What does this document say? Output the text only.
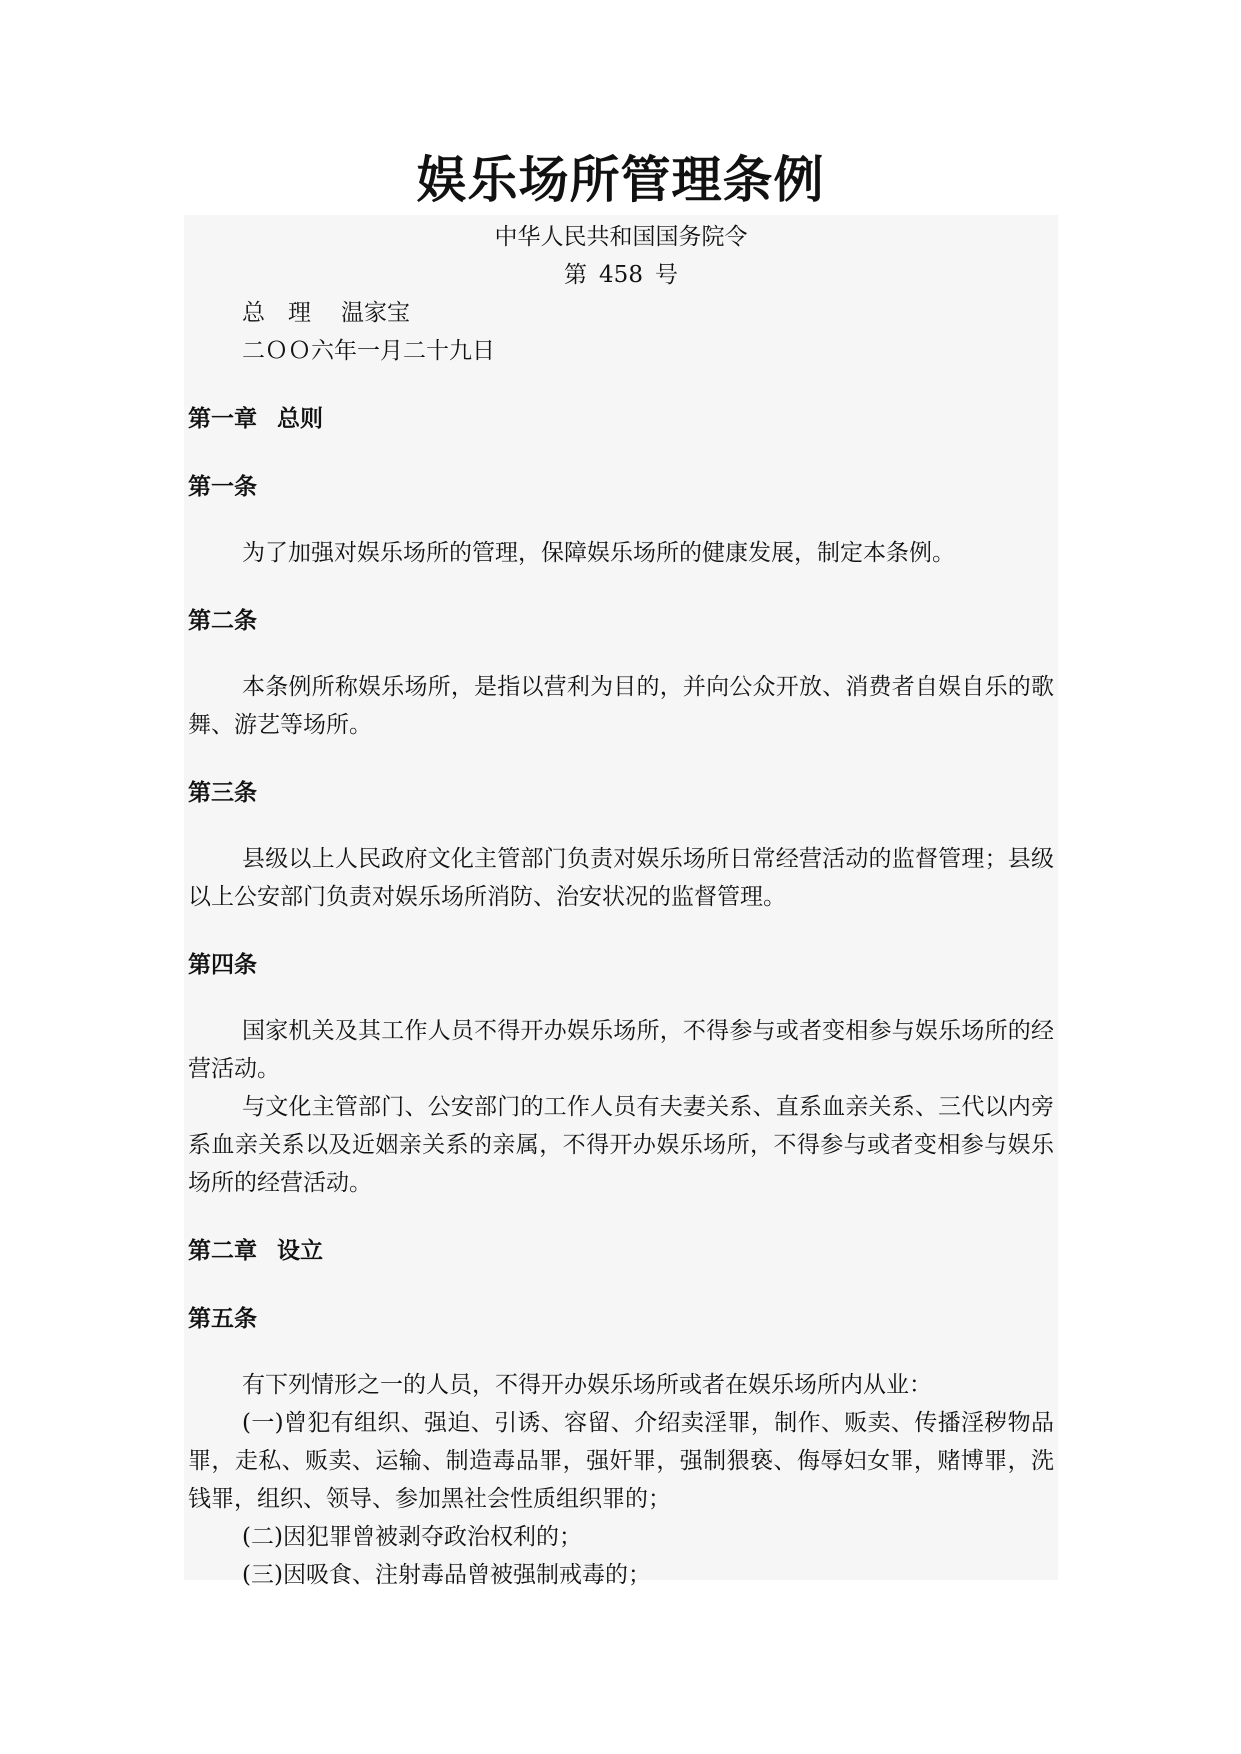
娱乐场所管理条例
中华人民共和国国务院令
第 458 号
总　理 温家宝
二ＯＯ六年一月二十九日
第一章 总则
第一条

为了加强对娱乐场所的管理，保障娱乐场所的健康发展，制定本条例。

第二条

本条例所称娱乐场所，是指以营利为目的，并向公众开放、消费者自娱自乐的歌舞、游艺等场所。

第三条

县级以上人民政府文化主管部门负责对娱乐场所日常经营活动的监督管理；县级以上公安部门负责对娱乐场所消防、治安状况的监督管理。

第四条

国家机关及其工作人员不得开办娱乐场所，不得参与或者变相参与娱乐场所的经营活动。

与文化主管部门、公安部门的工作人员有夫妻关系、直系血亲关系、三代以内旁系血亲关系以及近姻亲关系的亲属，不得开办娱乐场所，不得参与或者变相参与娱乐场所的经营活动。

第二章 设立
第五条

有下列情形之一的人员，不得开办娱乐场所或者在娱乐场所内从业：

(一)曾犯有组织、强迫、引诱、容留、介绍卖淫罪，制作、贩卖、传播淫秽物品罪，走私、贩卖、运输、制造毒品罪，强奸罪，强制猥亵、侮辱妇女罪，赌博罪，洗钱罪，组织、领导、参加黑社会性质组织罪的；

(二)因犯罪曾被剥夺政治权利的；

(三)因吸食、注射毒品曾被强制戒毒的；
